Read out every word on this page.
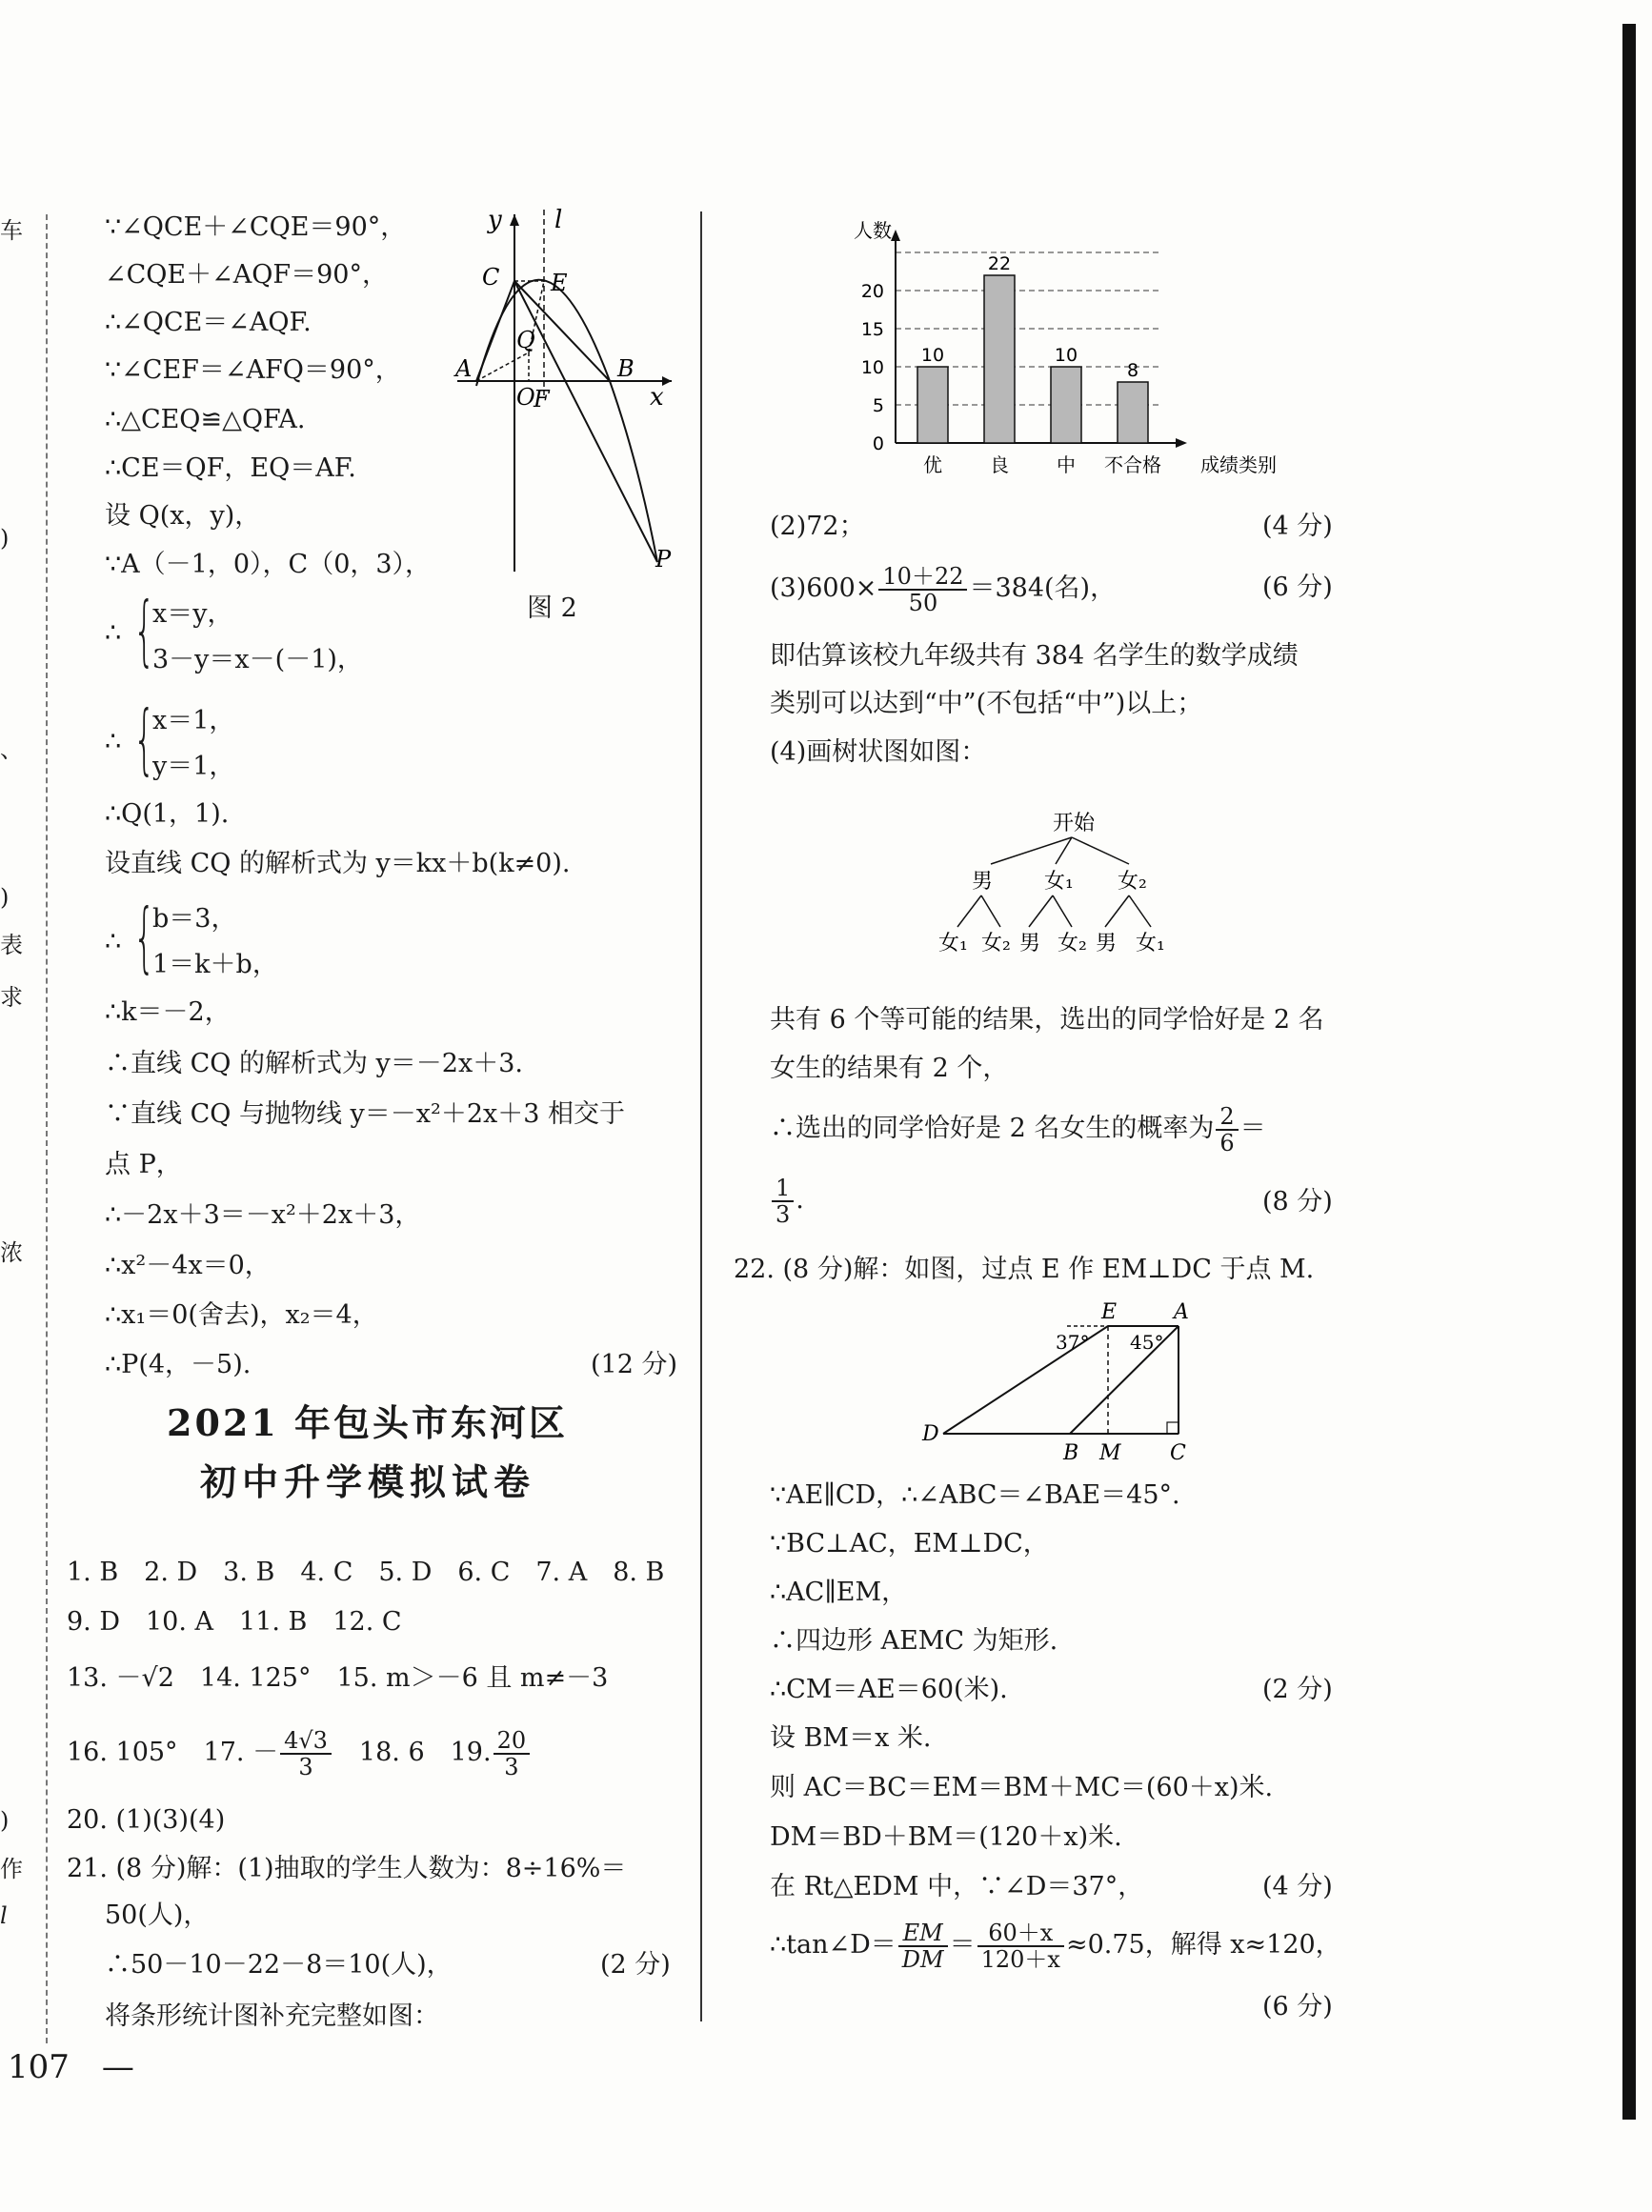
车
)
、
)
表
求
浓
)
作
l
∵∠QCE＋∠CQE＝90°，
∠CQE＋∠AQF＝90°，
∴∠QCE＝∠AQF.
∵∠CEF＝∠AFQ＝90°，
∴△CEQ≌△QFA.
∴CE＝QF，EQ＝AF.
设 Q(x，y)，
∵A（－1，0），C（0，3），
∴ {
x＝y，
3－y＝x－(－1)，
∴ {
x＝1，
y＝1，
∴Q(1，1).
设直线 CQ 的解析式为 y＝kx＋b(k≠0).
∴ {
b＝3，
1＝k＋b，
∴k＝－2，
∴直线 CQ 的解析式为 y＝－2x＋3.
∵直线 CQ 与抛物线 y＝－x²＋2x＋3 相交于
点 P，
∴－2x＋3＝－x²＋2x＋3，
∴x²－4x＝0，
∴x₁＝0(舍去)，x₂＝4，
∴P(4，－5).	(12 分)
y l
C E
Q
A
O
F
B
x
P
图 2
2021 年包头市东河区
初中升学模拟试卷
1. B　2. D　3. B　4. C　5. D　6. C　7. A　8. B
9. D　10. A　11. B　12. C
13. －√2　14. 125°　15. m＞－6 且 m≠－3
16. 105°　17. － $\frac{4√3}{3}$
　 18. 6　19. $\frac{20}{3}$
20. (1)(3)(4)
21. (8 分)解：(1)抽取的学生人数为：8÷16%＝
50(人)，
∴50－10－22－8＝10(人)，	(2 分)
将条形统计图补充完整如图：
107　—
0
5
10
15
20
人数
成绩类别
10
优
22
良
10
中
8
不合格
(2)72；	(4 分)
$(3)600\times \frac{10+22}{50} =384$(名)，	(6 分)
即估算该校九年级共有 384 名学生的数学成绩
类别可以达到“中”(不包括“中”)以上；
(4)画树状图如图：
开始
男 女₁ 女₂
女₁ 女₂ 男 女₂ 男 女₁
共有 6 个等可能的结果，选出的同学恰好是 2 名
女生的结果有 2 个，
∴选出的同学恰好是 2 名女生的概率为 $\frac{2}{6}$ ＝
$\frac{1}{3}$ .	(8 分)
22. (8 分)解：如图，过点 E 作 EM⊥DC 于点 M.
E	A
37° 45°
D
B M C
∵AE∥CD，∴∠ABC＝∠BAE＝45°.
∵BC⊥AC，EM⊥DC，
∴AC∥EM，
∴四边形 AEMC 为矩形.
∴CM＝AE＝60(米).	(2 分)
设 BM＝x 米.
则 AC＝BC＝EM＝BM＋MC＝(60＋x)米.
DM＝BD＋BM＝(120＋x)米.
在 Rt△EDM 中，∵∠D＝37°，	(4 分)
∴tan∠D＝ $\frac{EM}{DM} = \frac{60+x}{120+x} \approx 0.75$，解得 x≈120，
(6 分)
